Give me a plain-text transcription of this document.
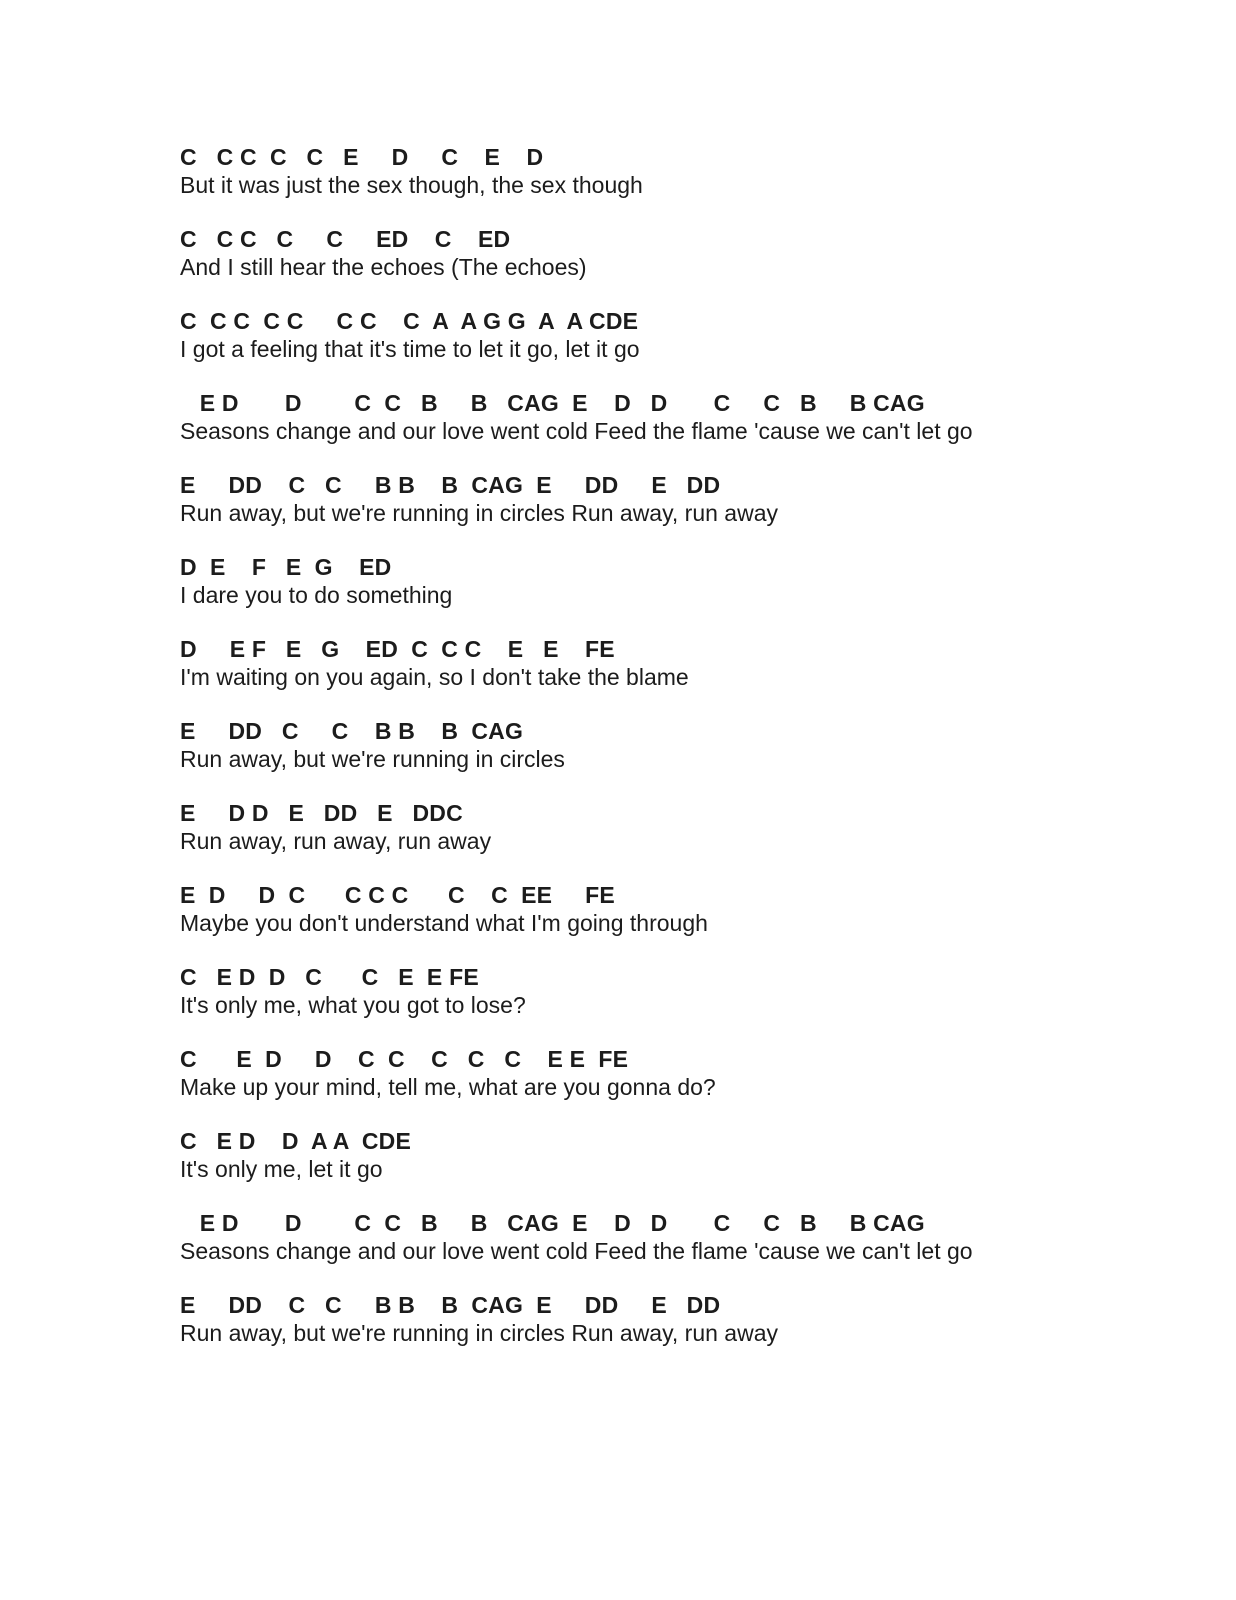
C   C C  C   C   E     D     C    E    D
But it was just the sex though, the sex though
C   C C   C     C     ED    C    ED
And I still hear the echoes (The echoes)
C  C C  C C     C C    C  A  A G G  A  A CDE
I got a feeling that it's time to let it go, let it go
E D       D        C  C   B     B   CAG  E    D   D       C     C   B     B CAG
Seasons change and our love went cold Feed the flame 'cause we can't let go
E     DD    C   C     B B    B  CAG  E     DD     E   DD
Run away, but we're running in circles Run away, run away
D  E    F   E  G    ED
I dare you to do something
D     E F   E   G    ED  C  C C    E   E    FE
I'm waiting on you again, so I don't take the blame
E     DD   C     C    B B    B  CAG
Run away, but we're running in circles
E     D D   E   DD   E   DDC
Run away, run away, run away
E  D     D  C      C C C      C    C  EE     FE
Maybe you don't understand what I'm going through
C   E D  D   C      C   E  E FE
It's only me, what you got to lose?
C      E  D     D    C  C    C   C   C    E E  FE
Make up your mind, tell me, what are you gonna do?
C   E D    D  A A  CDE
It's only me, let it go
E D       D        C  C   B     B   CAG  E    D   D       C     C   B     B CAG
Seasons change and our love went cold Feed the flame 'cause we can't let go
E     DD    C   C     B B    B  CAG  E     DD     E   DD
Run away, but we're running in circles Run away, run away
